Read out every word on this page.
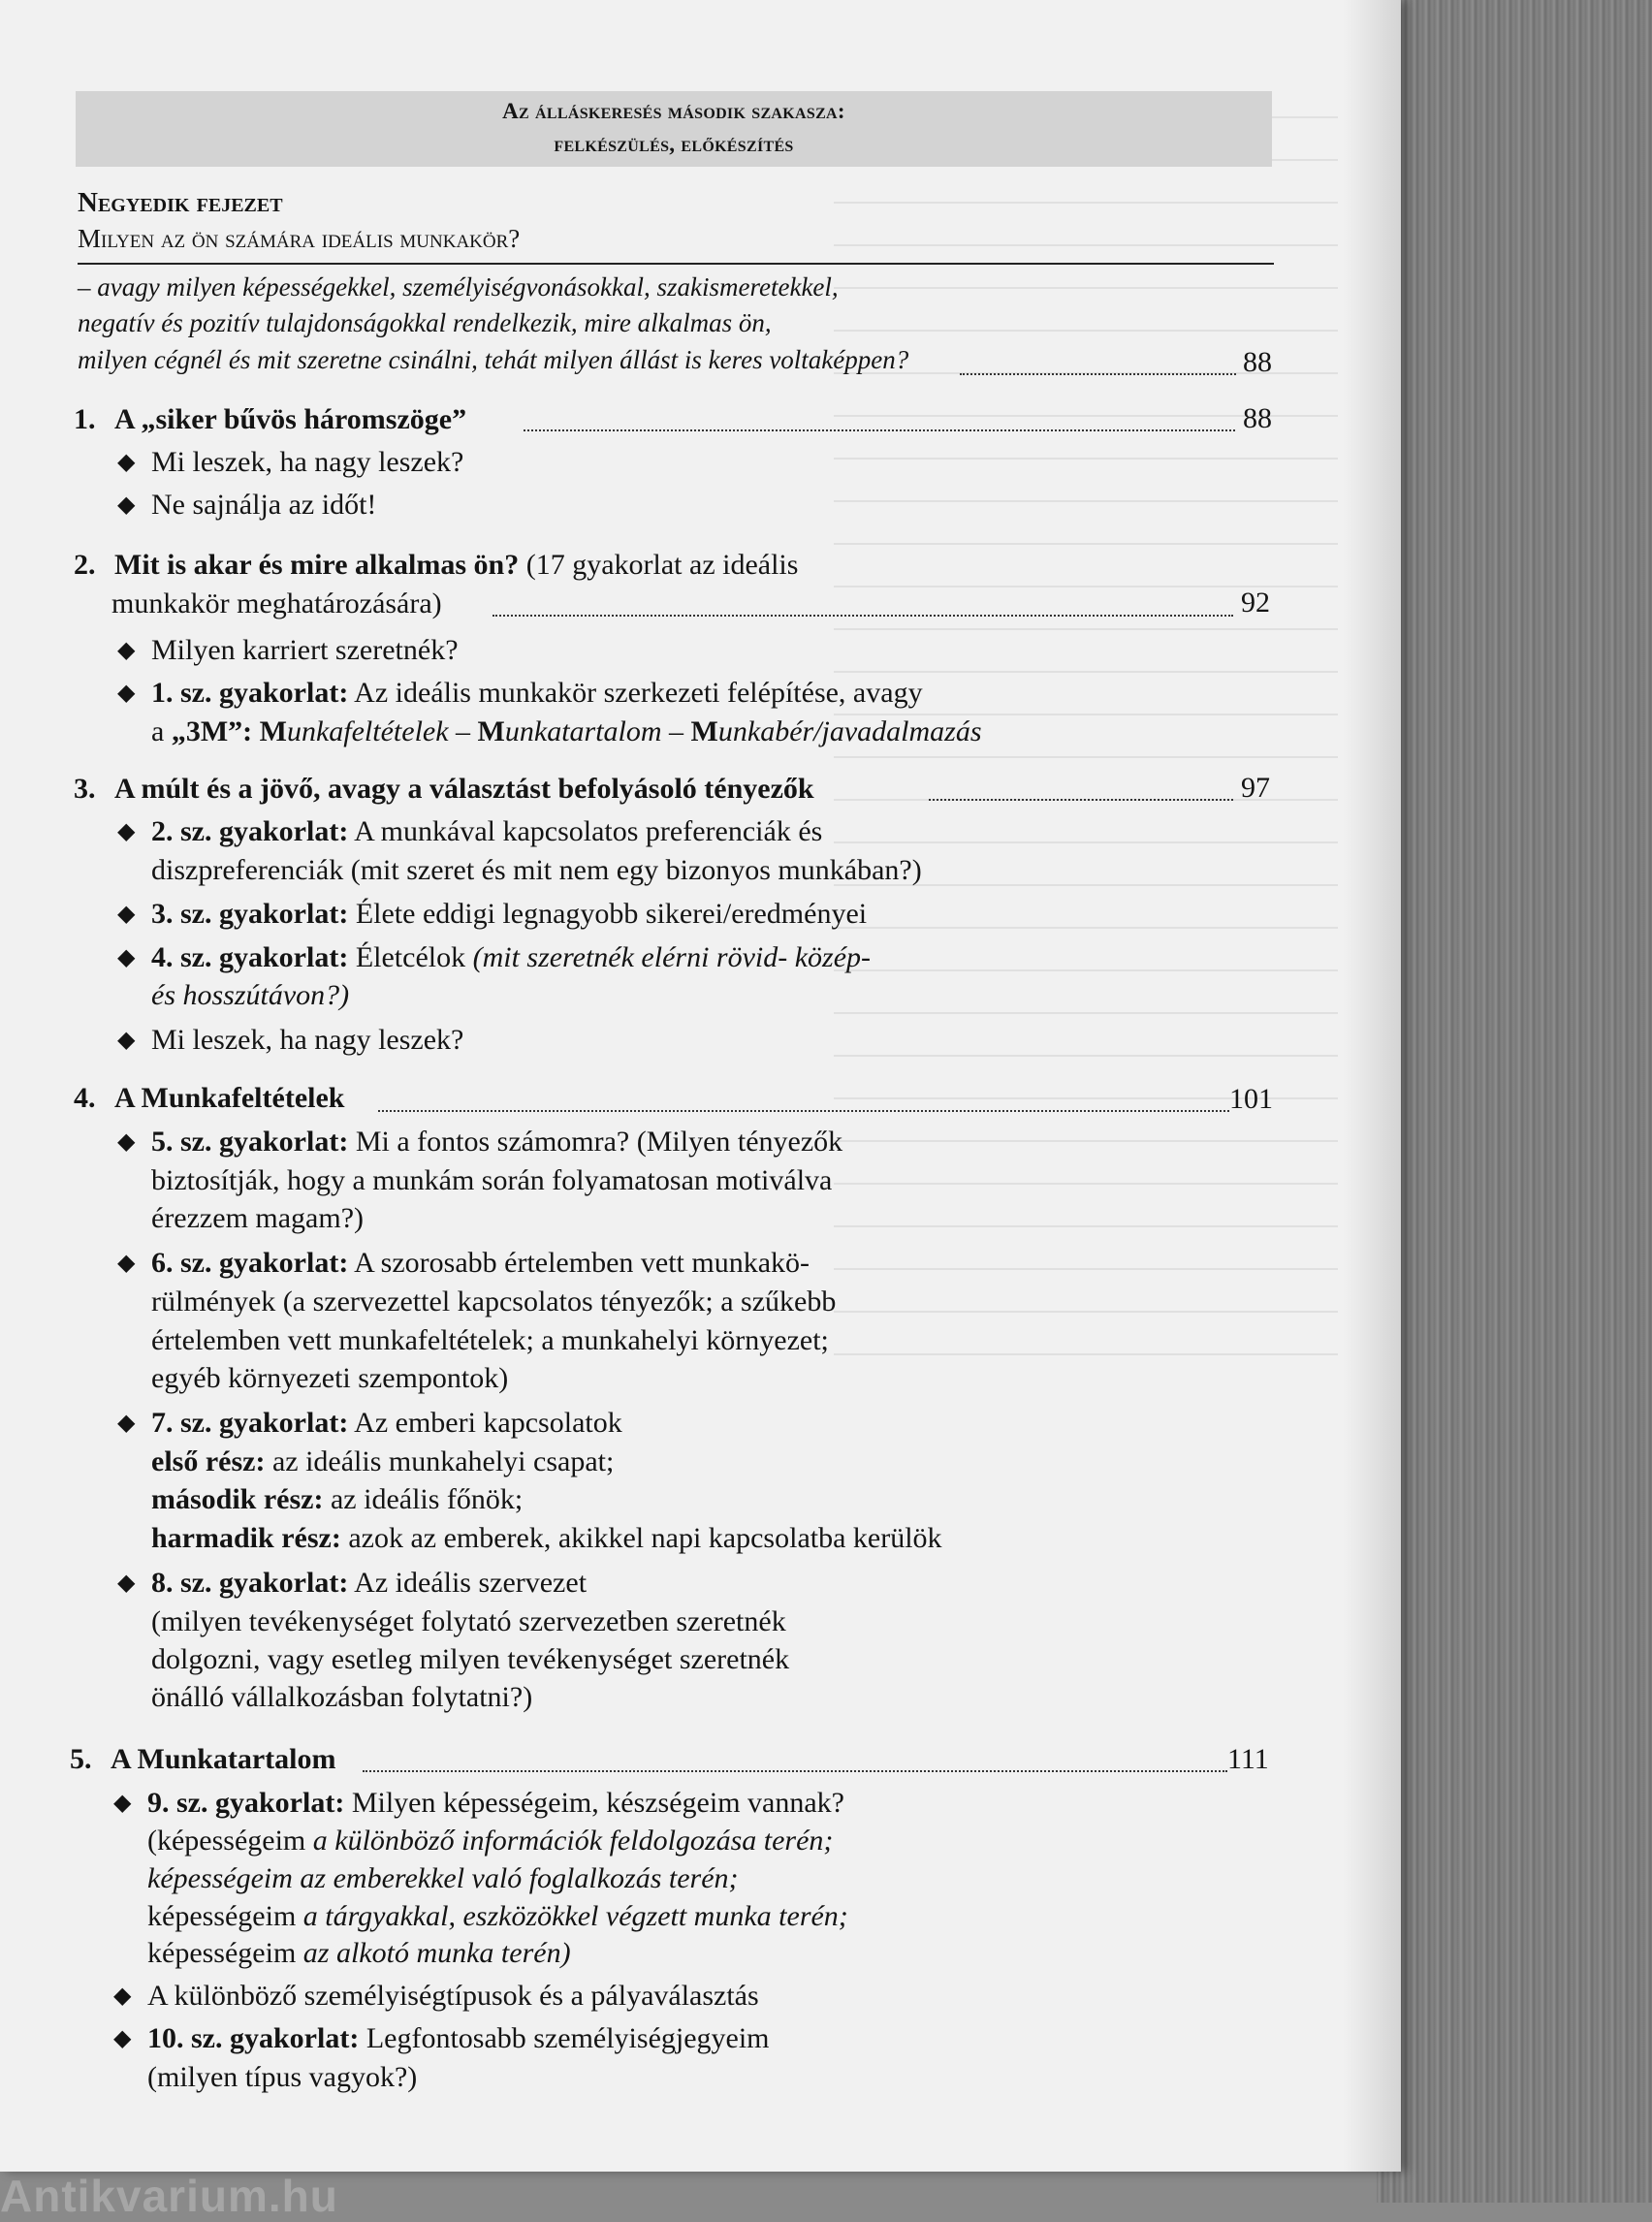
Az álláskeresés második szakasza:
felkészülés, előkészítés
Negyedik fejezet
Milyen az ön számára ideális munkakör?
– avagy milyen képességekkel, személyiségvonásokkal, szakismeretekkel,
negatív és pozitív tulajdonságokkal rendelkezik, mire alkalmas ön,
milyen cégnél és mit szeretne csinálni, tehát milyen állást is keres voltaképpen?	88
1. A „siker bűvös háromszöge”	88
◆ Mi leszek, ha nagy leszek?
◆ Ne sajnálja az időt!
2. Mit is akar és mire alkalmas ön? (17 gyakorlat az ideális
munkakör meghatározására)	92
◆ Milyen karriert szeretnék?
◆ 1. sz. gyakorlat: Az ideális munkakör szerkezeti felépítése, avagy
a „3M”: Munkafeltételek – Munkatartalom – Munkabér/javadalmazás
3. A múlt és a jövő, avagy a választást befolyásoló tényezők	97
◆ 2. sz. gyakorlat: A munkával kapcsolatos preferenciák és
diszpreferenciák (mit szeret és mit nem egy bizonyos munkában?)
◆ 3. sz. gyakorlat: Élete eddigi legnagyobb sikerei/eredményei
◆ 4. sz. gyakorlat: Életcélok (mit szeretnék elérni rövid- közép-
és hosszútávon?)
◆ Mi leszek, ha nagy leszek?
4. A Munkafeltételek	101
◆ 5. sz. gyakorlat: Mi a fontos számomra? (Milyen tényezők
biztosítják, hogy a munkám során folyamatosan motiválva
érezzem magam?)
◆ 6. sz. gyakorlat: A szorosabb értelemben vett munkakö-
rülmények (a szervezettel kapcsolatos tényezők; a szűkebb
értelemben vett munkafeltételek; a munkahelyi környezet;
egyéb környezeti szempontok)
◆ 7. sz. gyakorlat: Az emberi kapcsolatok
első rész: az ideális munkahelyi csapat;
második rész: az ideális főnök;
harmadik rész: azok az emberek, akikkel napi kapcsolatba kerülök
◆ 8. sz. gyakorlat: Az ideális szervezet
(milyen tevékenységet folytató szervezetben szeretnék
dolgozni, vagy esetleg milyen tevékenységet szeretnék
önálló vállalkozásban folytatni?)
5. A Munkatartalom	111
◆ 9. sz. gyakorlat: Milyen képességeim, készségeim vannak?
(képességeim a különböző információk feldolgozása terén;
képességeim az emberekkel való foglalkozás terén;
képességeim a tárgyakkal, eszközökkel végzett munka terén;
képességeim az alkotó munka terén)
◆ A különböző személyiségtípusok és a pályaválasztás
◆ 10. sz. gyakorlat: Legfontosabb személyiségjegyeim
(milyen típus vagyok?)
Antikvarium.hu
